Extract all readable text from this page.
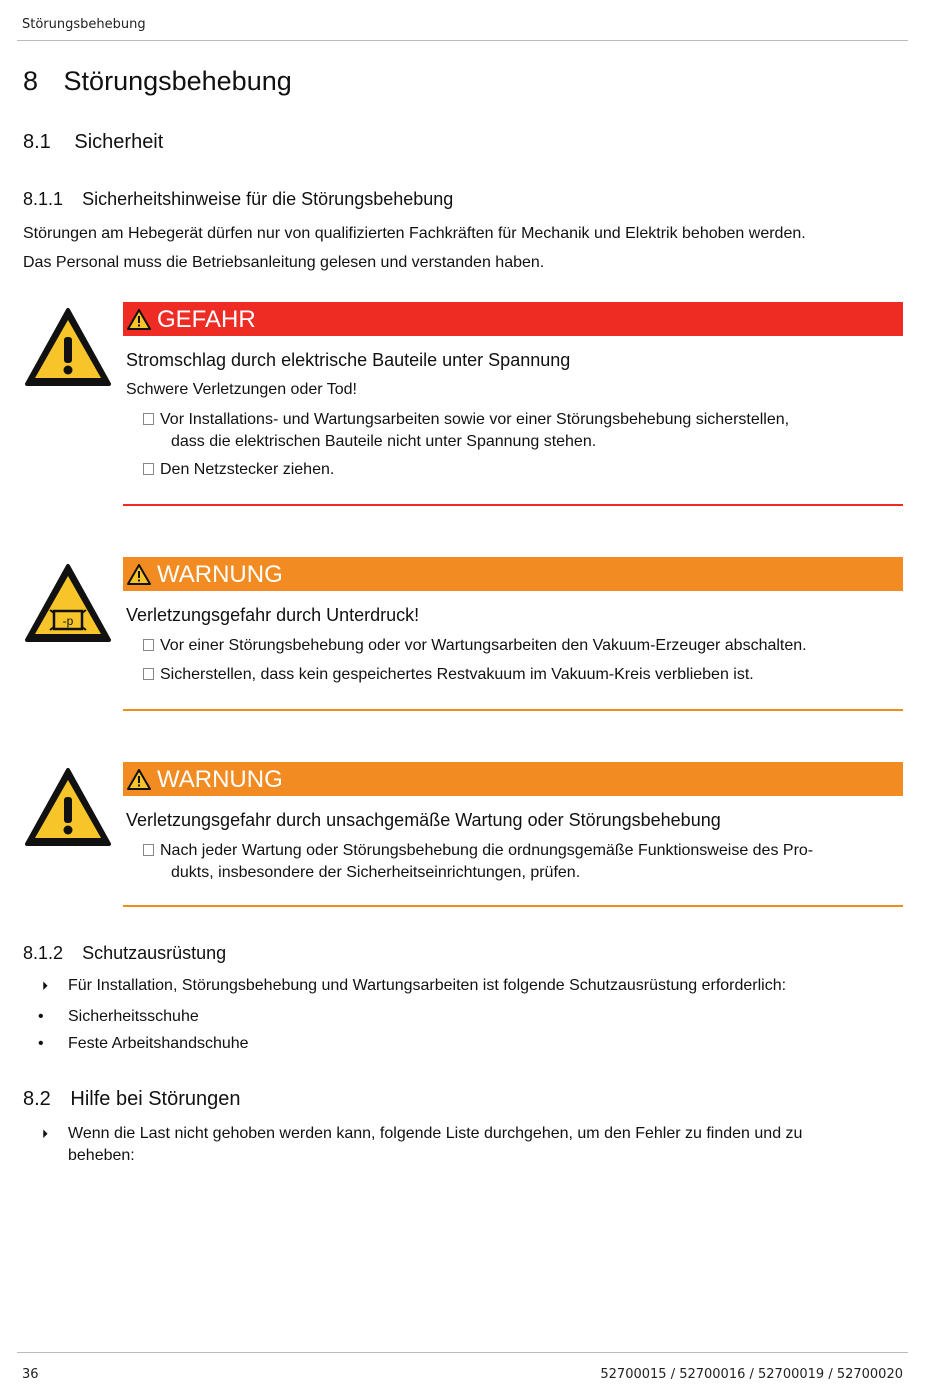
Störungsbehebung
8 Störungsbehebung
8.1 Sicherheit
8.1.1 Sicherheitshinweise für die Störungsbehebung
Störungen am Hebegerät dürfen nur von qualifizierten Fachkräften für Mechanik und Elektrik behoben werden.
Das Personal muss die Betriebsanleitung gelesen und verstanden haben.
GEFAHR
Stromschlag durch elektrische Bauteile unter Spannung
Schwere Verletzungen oder Tod!
Vor Installations- und Wartungsarbeiten sowie vor einer Störungsbehebung sicherstellen,
dass die elektrischen Bauteile nicht unter Spannung stehen.
Den Netzstecker ziehen.
-p
WARNUNG
Verletzungsgefahr durch Unterdruck!
Vor einer Störungsbehebung oder vor Wartungsarbeiten den Vakuum-Erzeuger abschalten.
Sicherstellen, dass kein gespeichertes Restvakuum im Vakuum-Kreis verblieben ist.
WARNUNG
Verletzungsgefahr durch unsachgemäße Wartung oder Störungsbehebung
Nach jeder Wartung oder Störungsbehebung die ordnungsgemäße Funktionsweise des Pro-
dukts, insbesondere der Sicherheitseinrichtungen, prüfen.
8.1.2 Schutzausrüstung
⏵	Für Installation, Störungsbehebung und Wartungsarbeiten ist folgende Schutzausrüstung erforderlich:
•	Sicherheitsschuhe
•	Feste Arbeitshandschuhe
8.2 Hilfe bei Störungen
⏵	Wenn die Last nicht gehoben werden kann, folgende Liste durchgehen, um den Fehler zu finden und zu
beheben:
36	52700015 / 52700016 / 52700019 / 52700020
